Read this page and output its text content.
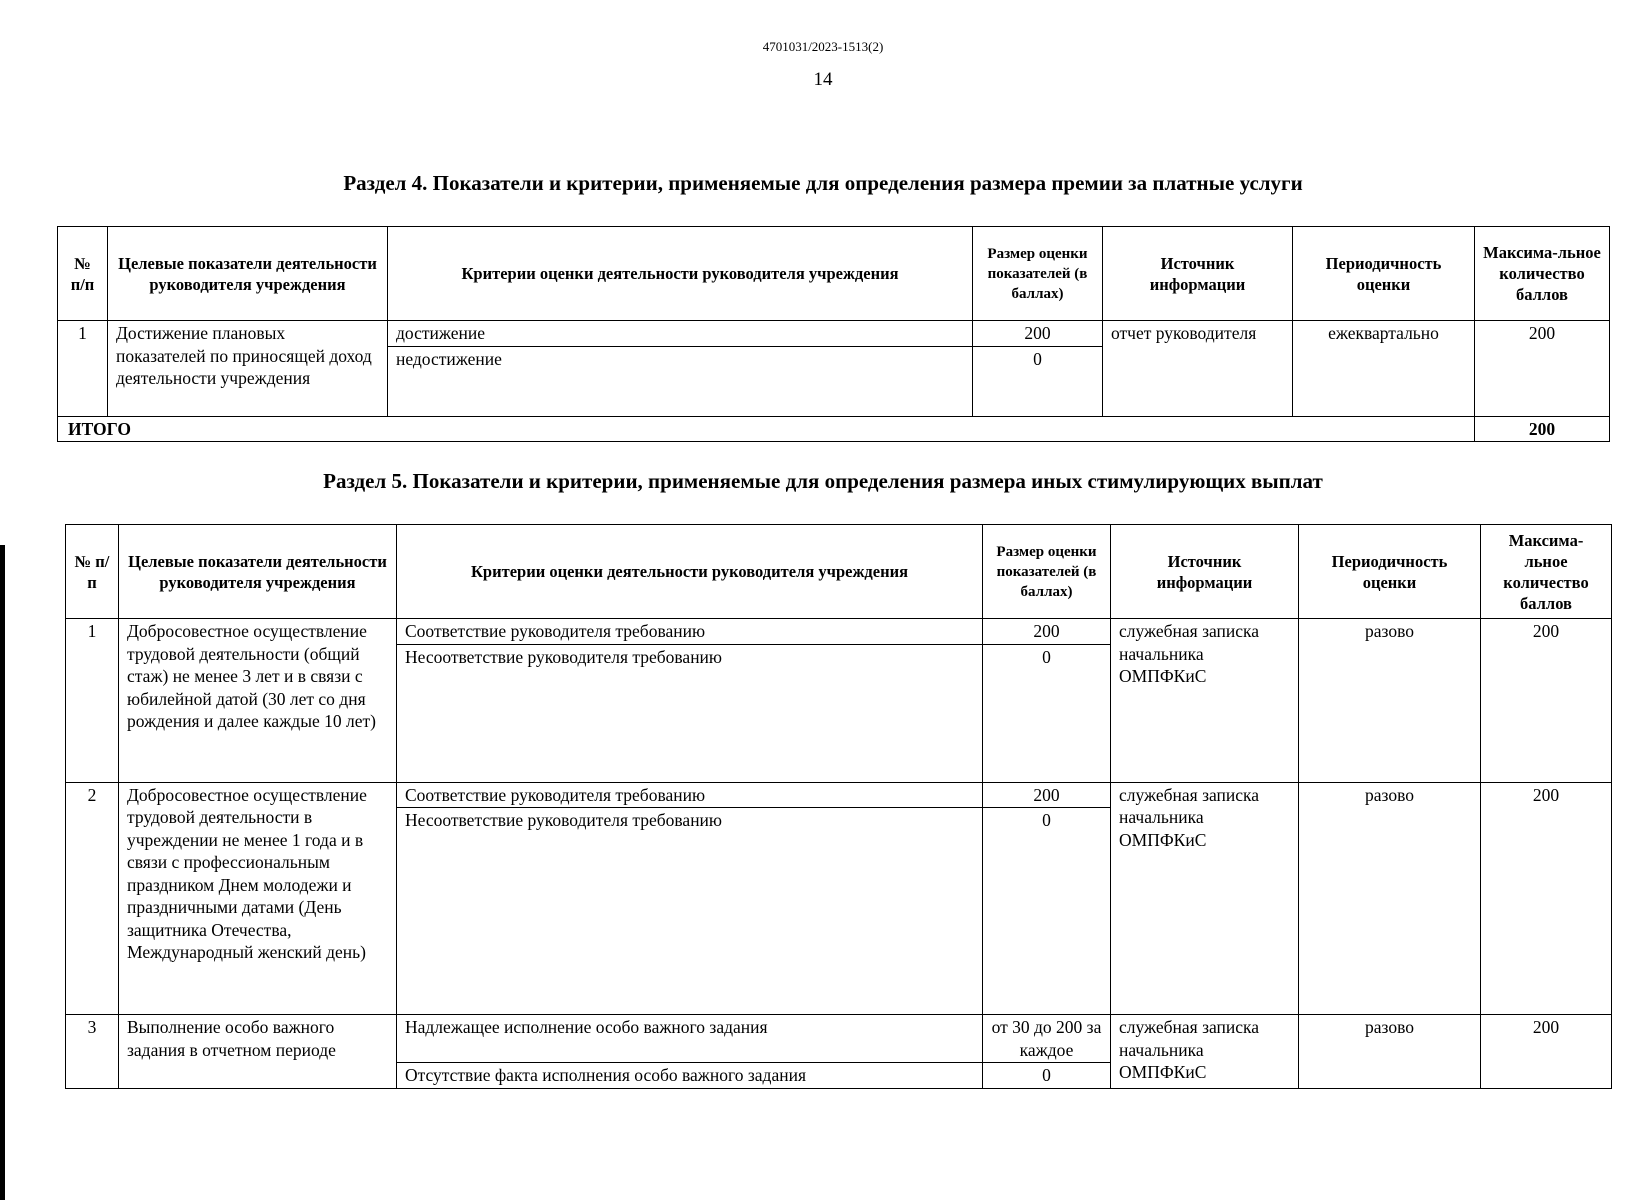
4701031/2023-1513(2)
14
Раздел 4. Показатели и критерии, применяемые для определения размера премии за платные услуги
№ п/п	Целевые показатели деятельности руководителя учреждения	Критерии оценки деятельности руководителя учреждения	Размер оценки показателей (в баллах)	Источник информации	Периодичность оценки	Максима-льное количество баллов
1	Достижение плановых показателей по приносящей доход деятельности учреждения	достижение	200	отчет руководителя	ежеквартально	200
		недостижение	0			
ИТОГО						200
Раздел 5. Показатели и критерии, применяемые для определения размера иных стимулирующих выплат
№ п/п	Целевые показатели деятельности руководителя учреждения	Критерии оценки деятельности руководителя учреждения	Размер оценки показателей (в баллах)	Источник информации	Периодичность оценки	Максима-льное количество баллов
1	Добросовестное осуществление трудовой деятельности (общий стаж) не менее 3 лет и в связи с юбилейной датой (30 лет со дня рождения и далее каждые 10 лет)	Соответствие руководителя требованию	200	служебная записка начальника ОМПФКиС	разово	200
		Несоответствие руководителя требованию	0			
2	Добросовестное осуществление трудовой деятельности в учреждении не менее 1 года и в связи с профессиональным праздником Днем молодежи и праздничными датами (День защитника Отечества, Международный женский день)	Соответствие руководителя требованию	200	служебная записка начальника ОМПФКиС	разово	200
		Несоответствие руководителя требованию	0			
3	Выполнение особо важного задания в отчетном периоде	Надлежащее исполнение особо важного задания	от 30 до 200 за каждое	служебная записка начальника ОМПФКиС	разово	200
		Отсутствие факта исполнения особо важного задания	0			
